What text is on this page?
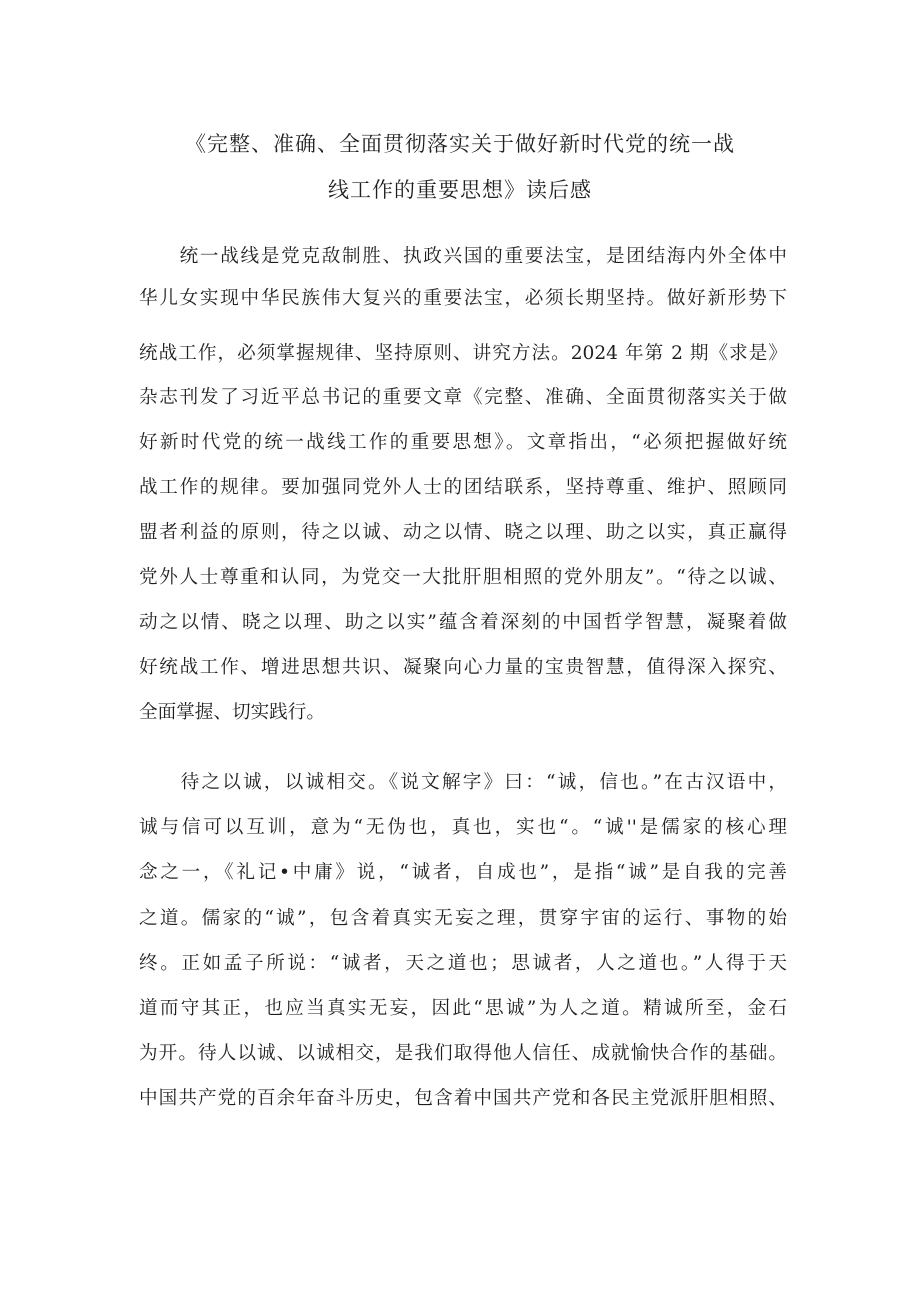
《完整、准确、全面贯彻落实关于做好新时代党的统一战
线工作的重要思想》读后感
　　统一战线是党克敌制胜、执政兴国的重要法宝，是团结海内外全体中
华儿女实现中华民族伟大复兴的重要法宝，必须长期坚持。做好新形势下
统战工作，必须掌握规律、坚持原则、讲究方法。2024 年第 2 期《求是》
杂志刊发了习近平总书记的重要文章《完整、准确、全面贯彻落实关于做
好新时代党的统一战线工作的重要思想》。文章指出，“必须把握做好统
战工作的规律。要加强同党外人士的团结联系，坚持尊重、维护、照顾同
盟者利益的原则，待之以诚、动之以情、晓之以理、助之以实，真正赢得
党外人士尊重和认同，为党交一大批肝胆相照的党外朋友”。“待之以诚、
动之以情、晓之以理、助之以实”蕴含着深刻的中国哲学智慧，凝聚着做
好统战工作、增进思想共识、凝聚向心力量的宝贵智慧，值得深入探究、
全面掌握、切实践行。
　　待之以诚，以诚相交。《说文解字》曰：“诚，信也。”在古汉语中，
诚与信可以互训，意为“无伪也，真也，实也“。“诚''是儒家的核心理
念之一，《礼记•中庸》说，“诚者，自成也”，是指“诚”是自我的完善
之道。儒家的“诚”，包含着真实无妄之理，贯穿宇宙的运行、事物的始
终。正如孟子所说：“诚者，天之道也；思诚者，人之道也。”人得于天
道而守其正，也应当真实无妄，因此“思诚”为人之道。精诚所至，金石
为开。待人以诚、以诚相交，是我们取得他人信任、成就愉快合作的基础。
中国共产党的百余年奋斗历史，包含着中国共产党和各民主党派肝胆相照、
